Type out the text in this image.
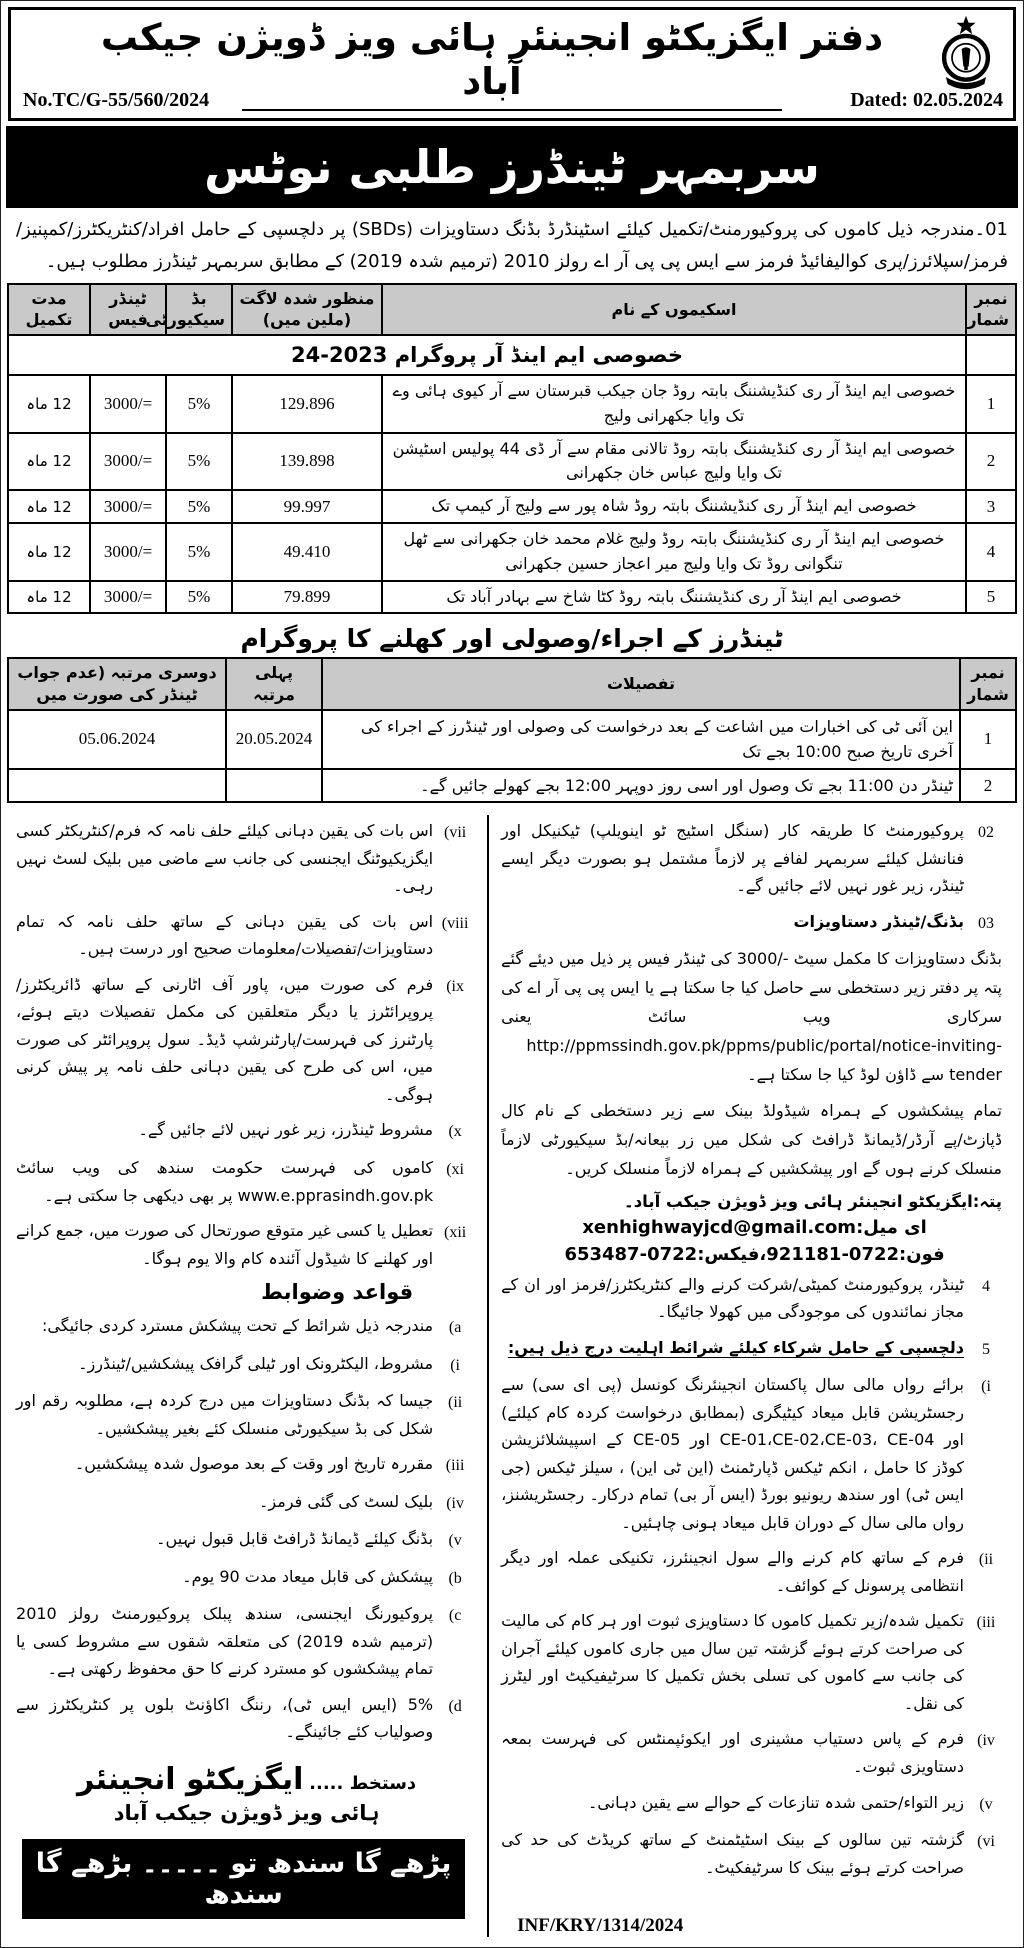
دفتر ایگزیکٹو انجینئر ہائی ویز ڈویژن جیکب آباد
No.TC/G-55/560/2024	Dated: 02.05.2024
سربمہر ٹینڈرز طلبی نوٹس
01۔مندرجہ ذیل کاموں کی پروکیورمنٹ/تکمیل کیلئے اسٹینڈرڈ بڈنگ دستاویزات (SBDs) پر دلچسپی کے حامل افراد/کنٹریکٹرز/کمپنیز/فرمز/سپلائرز/پری کوالیفائیڈ فرمز سے ایس پی پی آر اے رولز 2010 (ترمیم شدہ 2019) کے مطابق سربمہر ٹینڈرز مطلوب ہیں۔
نمبر شمار	اسکیموں کے نام	منظور شدہ لاگت (ملین میں)	بڈ سیکیورٹی	ٹینڈر فیس	مدت تکمیل
	خصوصی ایم اینڈ آر پروگرام 2023-24				
1	خصوصی ایم اینڈ آر ری کنڈیشننگ بابتہ روڈ جان جیکب قبرستان سے آر کیوی ہائی وے تک وایا جکھرانی ولیج	129.896	5%	3000/=	12 ماہ
2	خصوصی ایم اینڈ آر ری کنڈیشننگ بابتہ روڈ تالانی مقام سے آر ڈی 44 پولیس اسٹیشن تک وایا ولیج عباس خان جکھرانی	139.898	5%	3000/=	12 ماہ
3	خصوصی ایم اینڈ آر ری کنڈیشننگ بابتہ روڈ شاہ پور سے ولیج آر کیمپ تک	99.997	5%	3000/=	12 ماہ
4	خصوصی ایم اینڈ آر ری کنڈیشننگ بابتہ روڈ ولیج غلام محمد خان جکھرانی سے ٹھل تنگوانی روڈ تک وایا ولیج میر اعجاز حسین جکھرانی	49.410	5%	3000/=	12 ماہ
5	خصوصی ایم اینڈ آر ری کنڈیشننگ بابتہ روڈ کٹا شاخ سے بہادر آباد تک	79.899	5%	3000/=	12 ماہ
ٹینڈرز کے اجراء/وصولی اور کھلنے کا پروگرام
نمبر شمار	تفصیلات	پہلی مرتبہ	دوسری مرتبہ (عدم جواب ٹینڈر کی صورت میں
1	این آئی ٹی کی اخبارات میں اشاعت کے بعد درخواست کی وصولی اور ٹینڈرز کے اجراء کی آخری تاریخ صبح 10:00 بجے تک	20.05.2024	05.06.2024
2	ٹینڈر دن 11:00 بجے تک وصول اور اسی روز دوپہر 12:00 بجے کھولے جائیں گے۔		
02
پروکیورمنٹ کا طریقہ کار (سنگل اسٹیج ٹو اینویلپ) ٹیکنیکل اور فنانشل کیلئے سربمہر لفافے پر لازماً مشتمل ہو بصورت دیگر ایسے ٹینڈر، زیر غور نہیں لائے جائیں گے۔
03
بڈنگ/ٹینڈر دستاویزات
بڈنگ دستاویزات کا مکمل سیٹ -/3000 کی ٹینڈر فیس پر ذیل میں دیئے گئے پتہ پر دفتر زیر دستخطی سے حاصل کیا جا سکتا ہے یا ایس پی پی آر اے کی سرکاری ویب سائٹ یعنی http://ppmssindh.gov.pk/ppms/public/portal/notice-inviting-tender سے ڈاؤن لوڈ کیا جا سکتا ہے۔
تمام پیشکشوں کے ہمراہ شیڈولڈ بینک سے زیر دستخطی کے نام کال ڈپازٹ/پے آرڈر/ڈیمانڈ ڈرافٹ کی شکل میں زر بیعانہ/بڈ سیکیورٹی لازماً منسلک کرنے ہوں گے اور پیشکشیں کے ہمراہ لازماً منسلک کریں۔
پتہ:ایگزیکٹو انجینئر ہائی ویز ڈویژن جیکب آباد۔
ای میل:xenhighwayjcd@gmail.com
فون:0722-921181،فیکس:0722-653487
4
ٹینڈر، پروکیورمنٹ کمیٹی/شرکت کرنے والے کنٹریکٹرز/فرمز اور ان کے مجاز نمائندوں کی موجودگی میں کھولا جائیگا۔
5
دلچسپی کے حامل شرکاء کیلئے شرائط اہلیت درج ذیل ہیں:
(i
برائے رواں مالی سال پاکستان انجینئرنگ کونسل (پی ای سی) سے رجسٹریشن قابل میعاد کیٹیگری (بمطابق درخواست کردہ کام کیلئے) اور CE-01،CE-02،CE-03، CE-04 اور CE-05 کے اسپیشلائزیشن کوڈز کا حامل ، انکم ٹیکس ڈپارٹمنٹ (این ٹی این) ، سیلز ٹیکس (جی ایس ٹی) اور سندھ ریونیو بورڈ (ایس آر بی) تمام درکار۔ رجسٹریشنز، رواں مالی سال کے دوران قابل میعاد ہونی چاہئیں۔
(ii
فرم کے ساتھ کام کرنے والے سول انجینئرز، تکنیکی عملہ اور دیگر انتظامی پرسونل کے کوائف۔
(iii
تکمیل شدہ/زیر تکمیل کاموں کا دستاویزی ثبوت اور ہر کام کی مالیت کی صراحت کرتے ہوئے گزشتہ تین سال میں جاری کاموں کیلئے آجران کی جانب سے کاموں کی تسلی بخش تکمیل کا سرٹیفیکیٹ اور لیٹرز کی نقل۔
(iv
فرم کے پاس دستیاب مشینری اور ایکوئپمنٹس کی فہرست بمعہ دستاویزی ثبوت۔
(v
زیر التواء/حتمی شدہ تنازعات کے حوالے سے یقین دہانی۔
(vi
گزشتہ تین سالوں کے بینک اسٹیٹمنٹ کے ساتھ کریڈٹ کی حد کی صراحت کرتے ہوئے بینک کا سرٹیفکیٹ۔
INF/KRY/1314/2024
(vii
اس بات کی یقین دہانی کیلئے حلف نامہ کہ فرم/کنٹریکٹر کسی ایگزیکیوٹنگ ایجنسی کی جانب سے ماضی میں بلیک لسٹ نہیں رہی۔
(viii
اس بات کی یقین دہانی کے ساتھ حلف نامہ کہ تمام دستاویزات/تفصیلات/معلومات صحیح اور درست ہیں۔
(ix
فرم کی صورت میں، پاور آف اٹارنی کے ساتھ ڈائریکٹرز/پروپرائٹرز یا دیگر متعلقین کی مکمل تفصیلات دیتے ہوئے، پارٹنرز کی فہرست/پارٹنرشپ ڈیڈ۔ سول پروپرائٹر کی صورت میں، اس کی طرح کی یقین دہانی حلف نامہ پر پیش کرنی ہوگی۔
(x
مشروط ٹینڈرز، زیر غور نہیں لائے جائیں گے۔
(xi
کاموں کی فہرست حکومت سندھ کی ویب سائٹ www.e.pprasindh.gov.pk پر بھی دیکھی جا سکتی ہے۔
(xii
تعطیل یا کسی غیر متوقع صورتحال کی صورت میں، جمع کرانے اور کھلنے کا شیڈول آئندہ کام والا یوم ہوگا۔
قواعد وضوابط
(a
مندرجہ ذیل شرائط کے تحت پیشکش مسترد کردی جائیگی:
(i
مشروط، الیکٹرونک اور ٹیلی گرافک پیشکشیں/ٹینڈرز۔
(ii
جیسا کہ بڈنگ دستاویزات میں درج کردہ ہے، مطلوبہ رقم اور شکل کی بڈ سیکیورٹی منسلک کئے بغیر پیشکشیں۔
(iii
مقررہ تاریخ اور وقت کے بعد موصول شدہ پیشکشیں۔
(iv
بلیک لسٹ کی گئی فرمز۔
(v
بڈنگ کیلئے ڈیمانڈ ڈرافٹ قابل قبول نہیں۔
(b
پیشکش کی قابل میعاد مدت 90 یوم۔
(c
پروکیورنگ ایجنسی، سندھ پبلک پروکیورمنٹ رولز 2010 (ترمیم شدہ 2019) کی متعلقہ شقوں سے مشروط کسی یا تمام پیشکشوں کو مسترد کرنے کا حق محفوظ رکھتی ہے۔
(d
5% (ایس ایس ٹی)، رننگ اکاؤنٹ بلوں پر کنٹریکٹرز سے وصولیاب کئے جائینگے۔
دستخط ..... ایگزیکٹو انجینئر
ہائی ویز ڈویژن جیکب آباد
پڑھے گا سندھ تو ۔۔۔۔۔ بڑھے گا سندھ
